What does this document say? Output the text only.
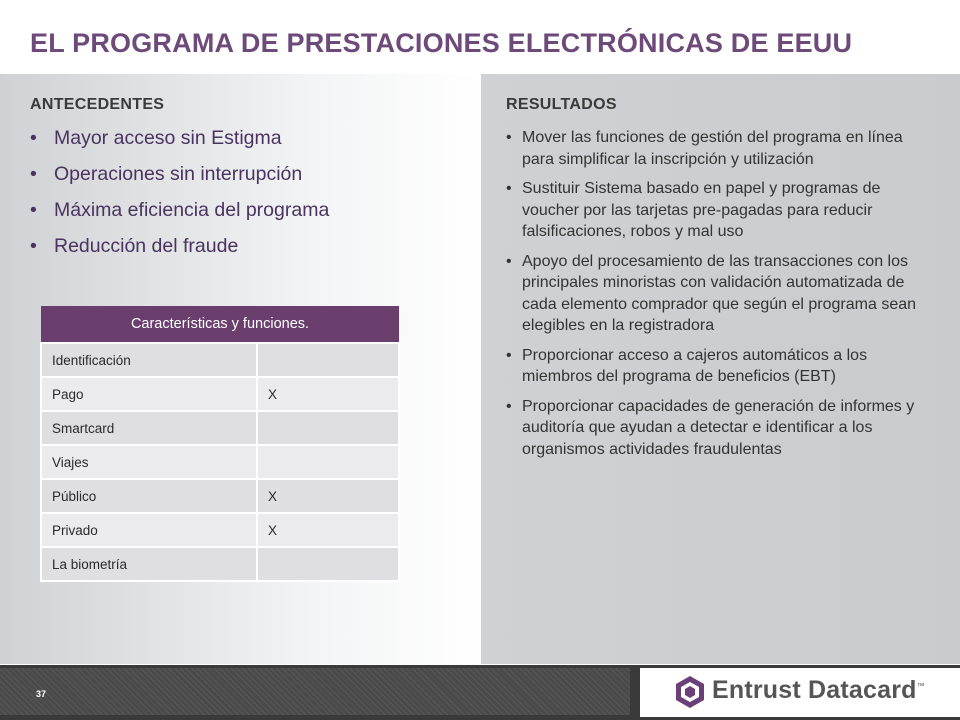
EL PROGRAMA DE PRESTACIONES ELECTRÓNICAS DE EEUU
ANTECEDENTES
• Mayor acceso sin Estigma
• Operaciones sin interrupción
• Máxima eficiencia del programa
• Reducción del fraude
Características y funciones.	
Identificación	
Pago	X
Smartcard	
Viajes	
Público	X
Privado	X
La biometría	
RESULTADOS
• Mover las funciones de gestión del programa en línea para simplificar la inscripción y utilización
• Sustituir Sistema basado en papel y programas de voucher por las tarjetas pre-pagadas para reducir falsificaciones, robos y mal uso
• Apoyo del procesamiento de las transacciones con los principales minoristas con validación automatizada de cada elemento comprador que según el programa sean elegibles en la registradora
• Proporcionar acceso a cajeros automáticos a los miembros del programa de beneficios (EBT)
• Proporcionar capacidades de generación de informes y auditoría que ayudan a detectar e identificar a los organismos actividades fraudulentas
37	Entrust Datacard™
